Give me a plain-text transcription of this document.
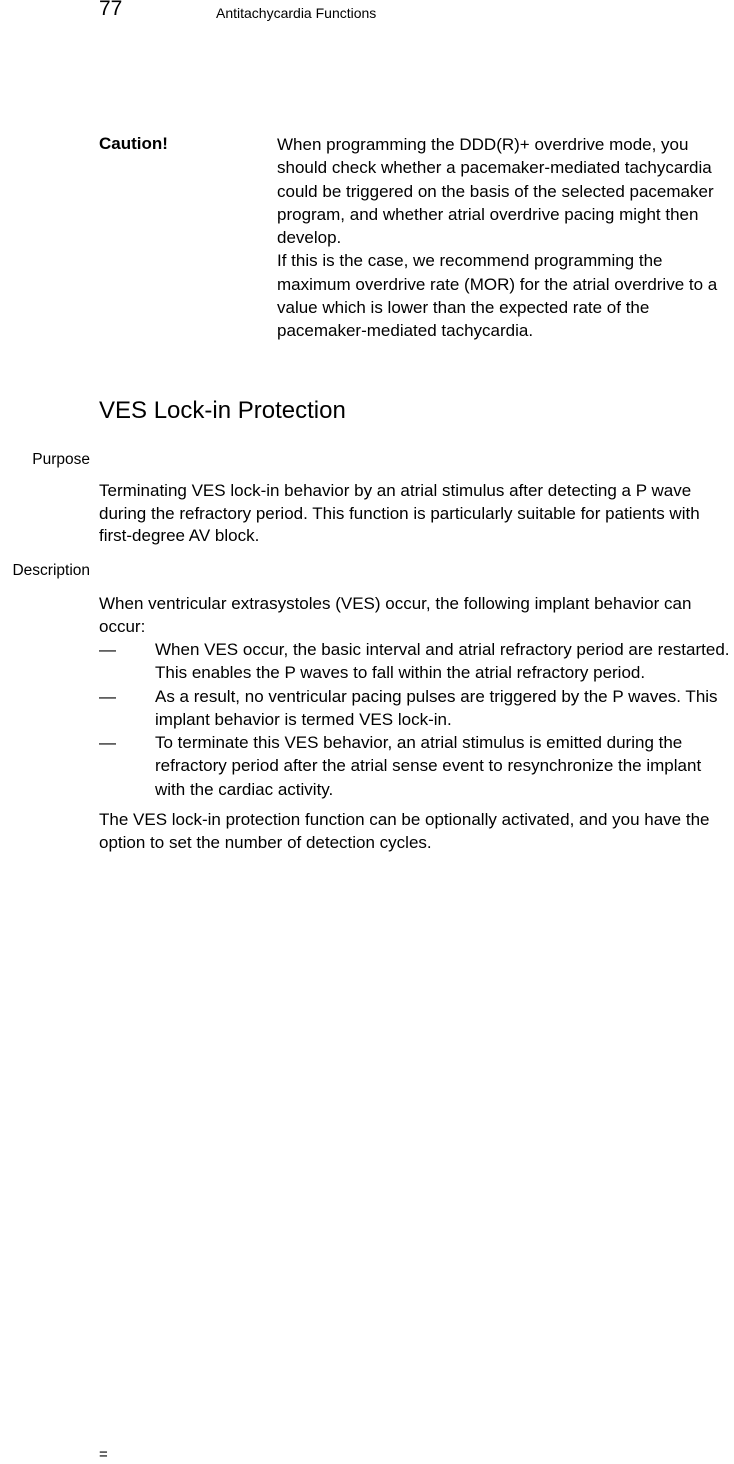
77	Antitachycardia Functions
Caution!	When programming the DDD(R)+ overdrive mode, you should check whether a pacemaker-mediated tachycardia could be triggered on the basis of the selected pacemaker program, and whether atrial overdrive pacing might then develop.

If this is the case, we recommend programming the maximum overdrive rate (MOR) for the atrial overdrive to a value which is lower than the expected rate of the pacemaker-mediated tachycardia.

VES Lock-in Protection
Purpose

Terminating VES lock-in behavior by an atrial stimulus after detecting a P wave during the refractory period. This function is particularly suitable for patients with first-degree AV block.

Description

When ventricular extrasystoles (VES) occur, the following implant behavior can occur:

— When VES occur, the basic interval and atrial refractory period are restarted. This enables the P waves to fall within the atrial refractory period.
— As a result, no ventricular pacing pulses are triggered by the P waves. This implant behavior is termed VES lock-in.
— To terminate this VES behavior, an atrial stimulus is emitted during the refractory period after the atrial sense event to resynchronize the implant with the cardiac activity.

The VES lock-in protection function can be optionally activated, and you have the option to set the number of detection cycles.

=
